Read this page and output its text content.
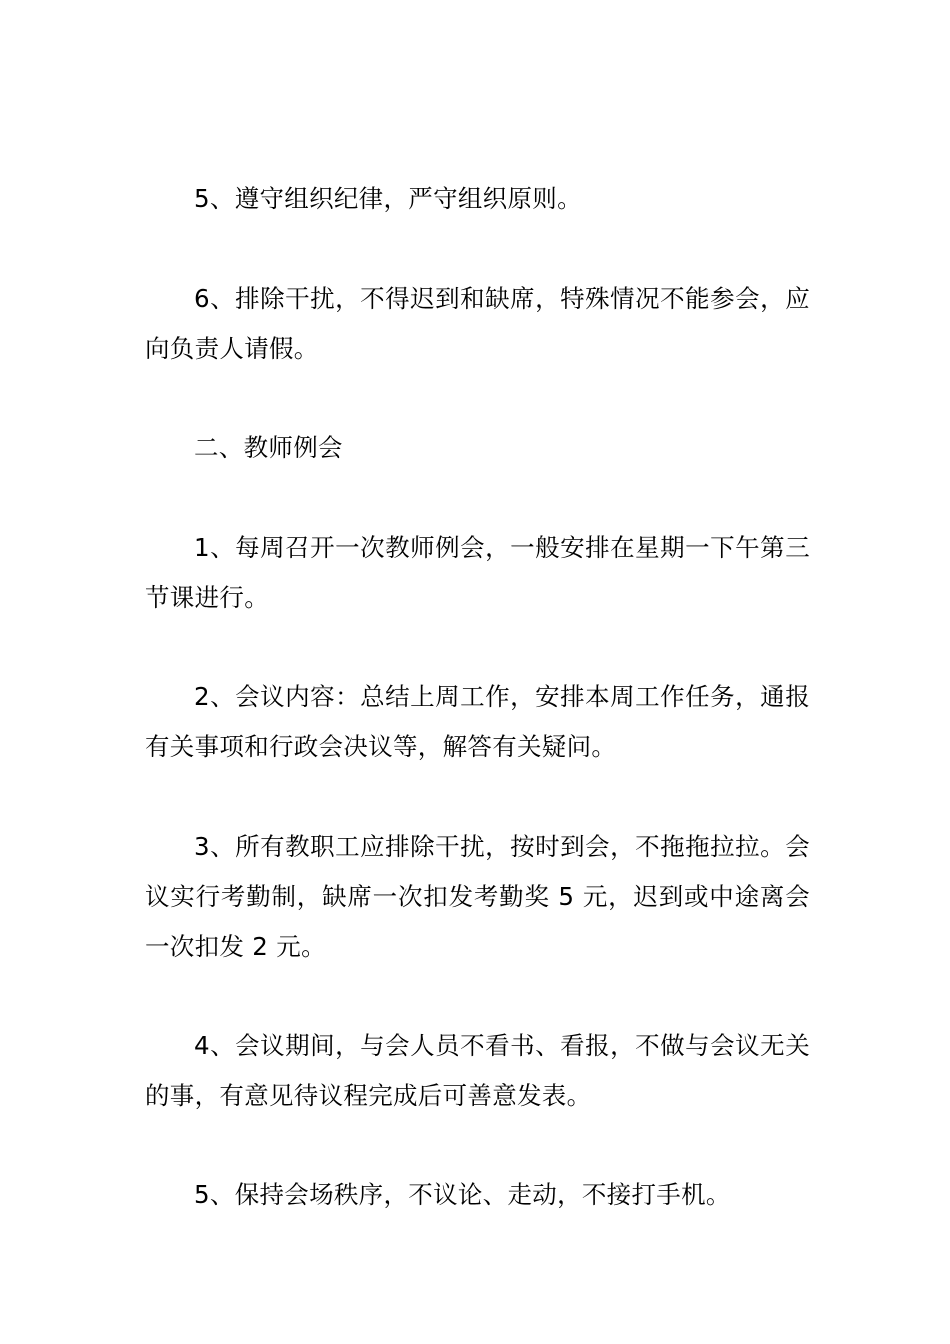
5、遵守组织纪律，严守组织原则。

6、排除干扰，不得迟到和缺席，特殊情况不能参会，应向负责人请假。

二、教师例会

1、每周召开一次教师例会，一般安排在星期一下午第三节课进行。

2、会议内容：总结上周工作，安排本周工作任务，通报有关事项和行政会决议等，解答有关疑问。

3、所有教职工应排除干扰，按时到会，不拖拖拉拉。会议实行考勤制，缺席一次扣发考勤奖 5 元，迟到或中途离会一次扣发 2 元。

4、会议期间，与会人员不看书、看报，不做与会议无关的事，有意见待议程完成后可善意发表。

5、保持会场秩序，不议论、走动，不接打手机。
